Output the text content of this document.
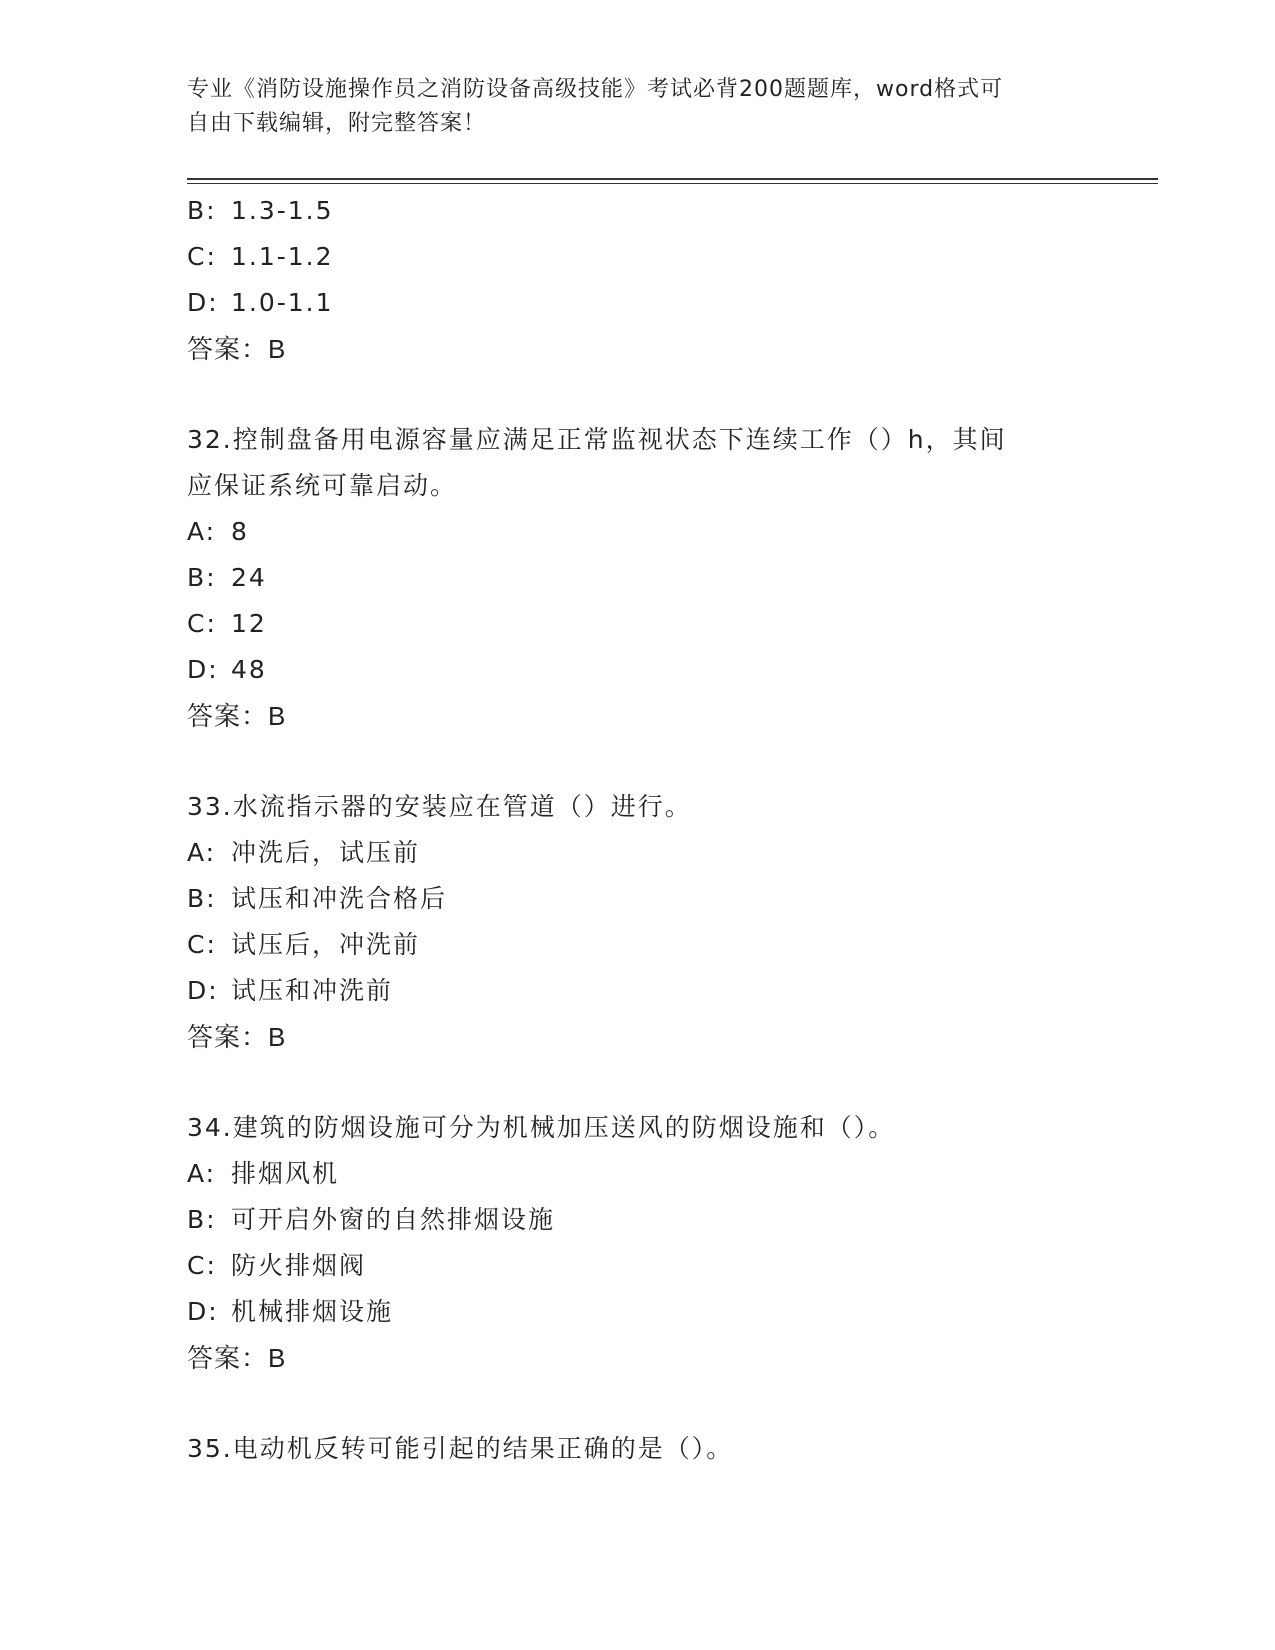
专业《消防设施操作员之消防设备高级技能》考试必背200题题库，word格式可
自由下载编辑，附完整答案！
B: 1.3-1.5
C: 1.1-1.2
D: 1.0-1.1
答案：B
32.控制盘备用电源容量应满足正常监视状态下连续工作（）h，其间
应保证系统可靠启动。
A: 8
B: 24
C: 12
D: 48
答案：B
33.水流指示器的安装应在管道（）进行。
A: 冲洗后，试压前
B: 试压和冲洗合格后
C: 试压后，冲洗前
D: 试压和冲洗前
答案：B
34.建筑的防烟设施可分为机械加压送风的防烟设施和（）。
A: 排烟风机
B: 可开启外窗的自然排烟设施
C: 防火排烟阀
D: 机械排烟设施
答案：B
35.电动机反转可能引起的结果正确的是（）。
